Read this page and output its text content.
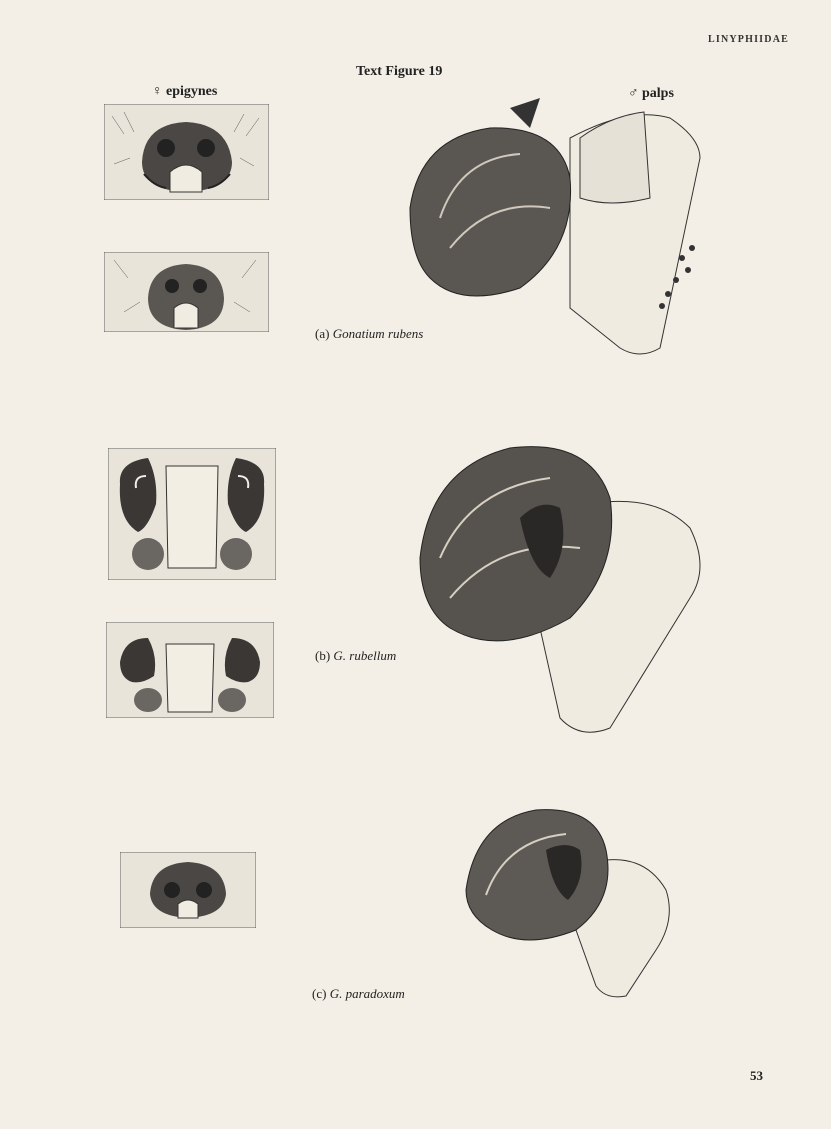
LINYPHIIDAE
Text Figure 19
♀ epigynes	♂ palps
(a) Gonatium rubens
(b) G. rubellum
(c) G. paradoxum
53
